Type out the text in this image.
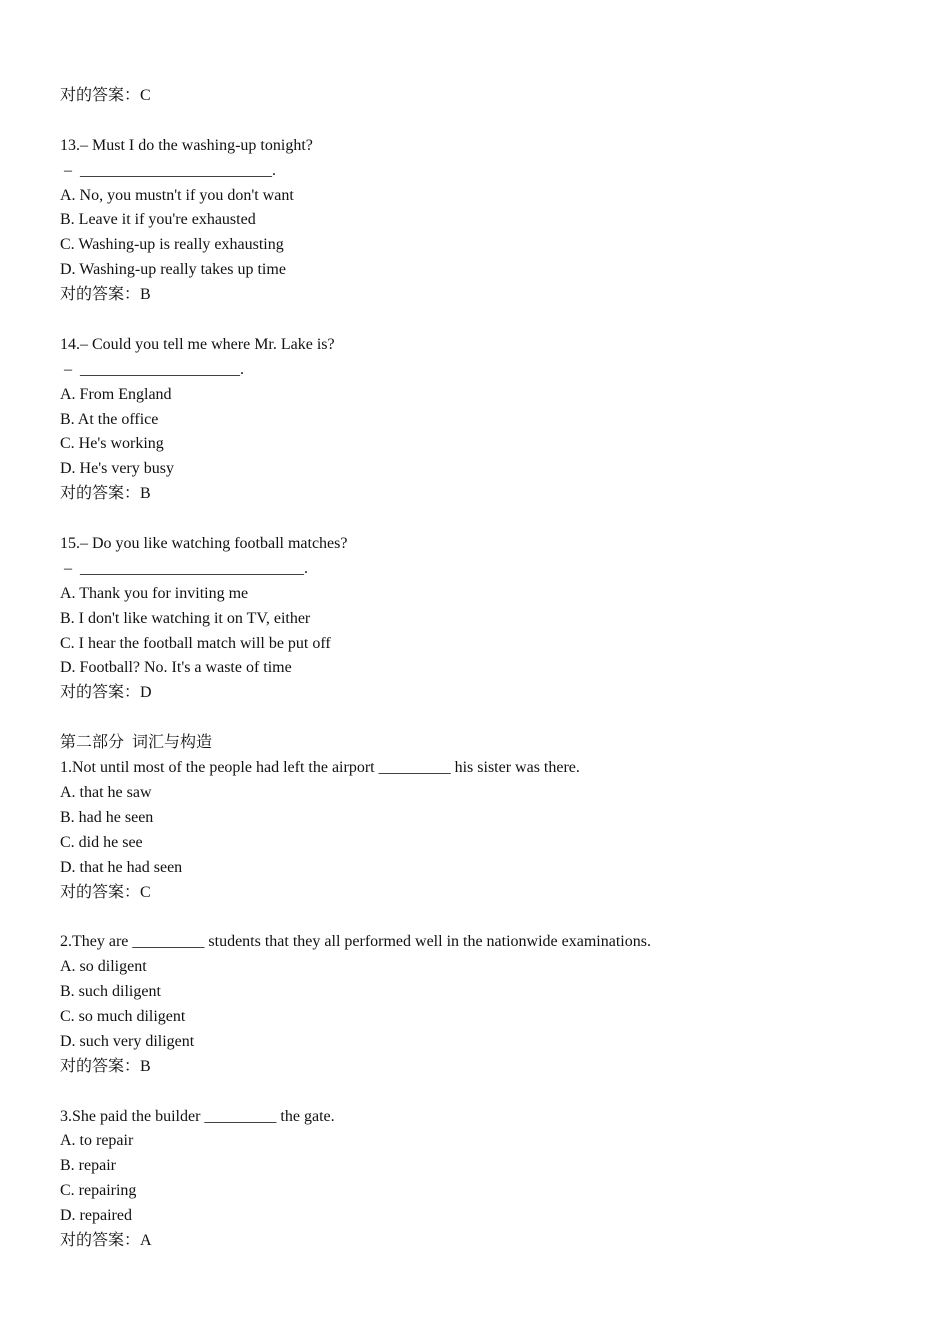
对的答案：C
13.– Must I do the washing-up tonight?
–  ________________________.
A. No, you mustn't if you don't want
B. Leave it if you're exhausted
C. Washing-up is really exhausting
D. Washing-up really takes up time
对的答案：B
14.– Could you tell me where Mr. Lake is?
–  ____________________.
A. From England
B. At the office
C. He's working
D. He's very busy
对的答案：B
15.– Do you like watching football matches?
–  ____________________________.
A. Thank you for inviting me
B. I don't like watching it on TV, either
C. I hear the football match will be put off
D. Football? No. It's a waste of time
对的答案：D
第二部分  词汇与构造
1.Not until most of the people had left the airport _________ his sister was there.
A. that he saw
B. had he seen
C. did he see
D. that he had seen
对的答案：C
2.They are _________ students that they all performed well in the nationwide examinations.
A. so diligent
B. such diligent
C. so much diligent
D. such very diligent
对的答案：B
3.She paid the builder _________ the gate.
A. to repair
B. repair
C. repairing
D. repaired
对的答案：A
